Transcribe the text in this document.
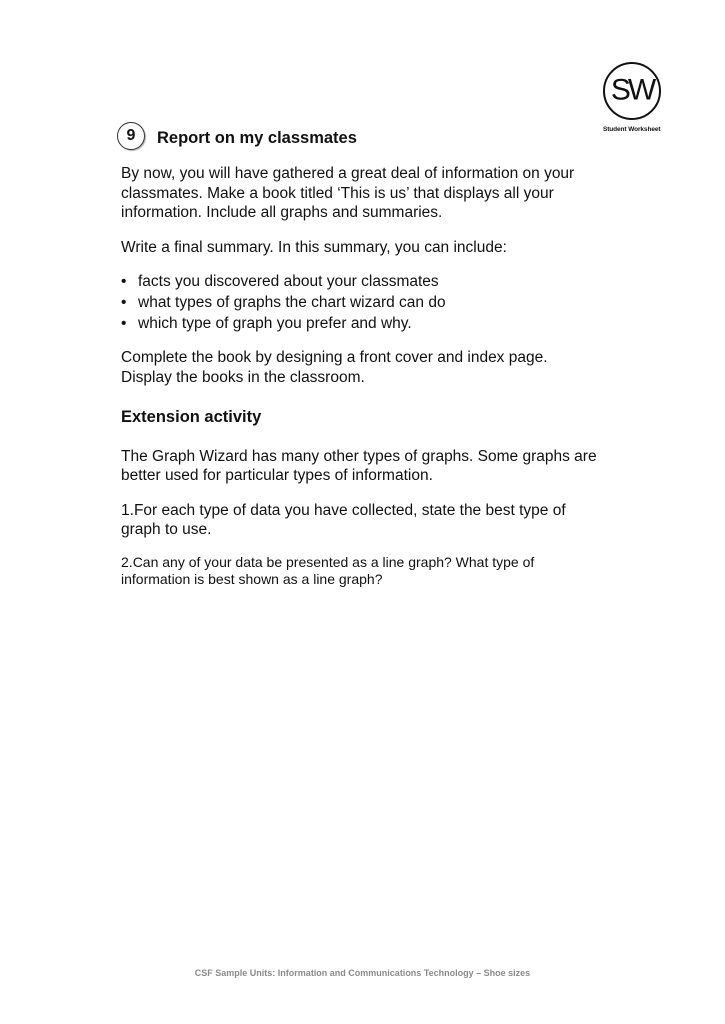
SW
Student Worksheet
9	Report on my classmates

By now, you will have gathered a great deal of information on your classmates. Make a book titled ‘This is us’ that displays all your information. Include all graphs and summaries.

Write a final summary. In this summary, you can include:

• facts you discovered about your classmates
• what types of graphs the chart wizard can do
• which type of graph you prefer and why.

Complete the book by designing a front cover and index page. Display the books in the classroom.

Extension activity

The Graph Wizard has many other types of graphs. Some graphs are better used for particular types of information.

1.For each type of data you have collected, state the best type of graph to use.

2.Can any of your data be presented as a line graph? What type of information is best shown as a line graph?

CSF Sample Units: Information and Communications Technology – Shoe sizes
